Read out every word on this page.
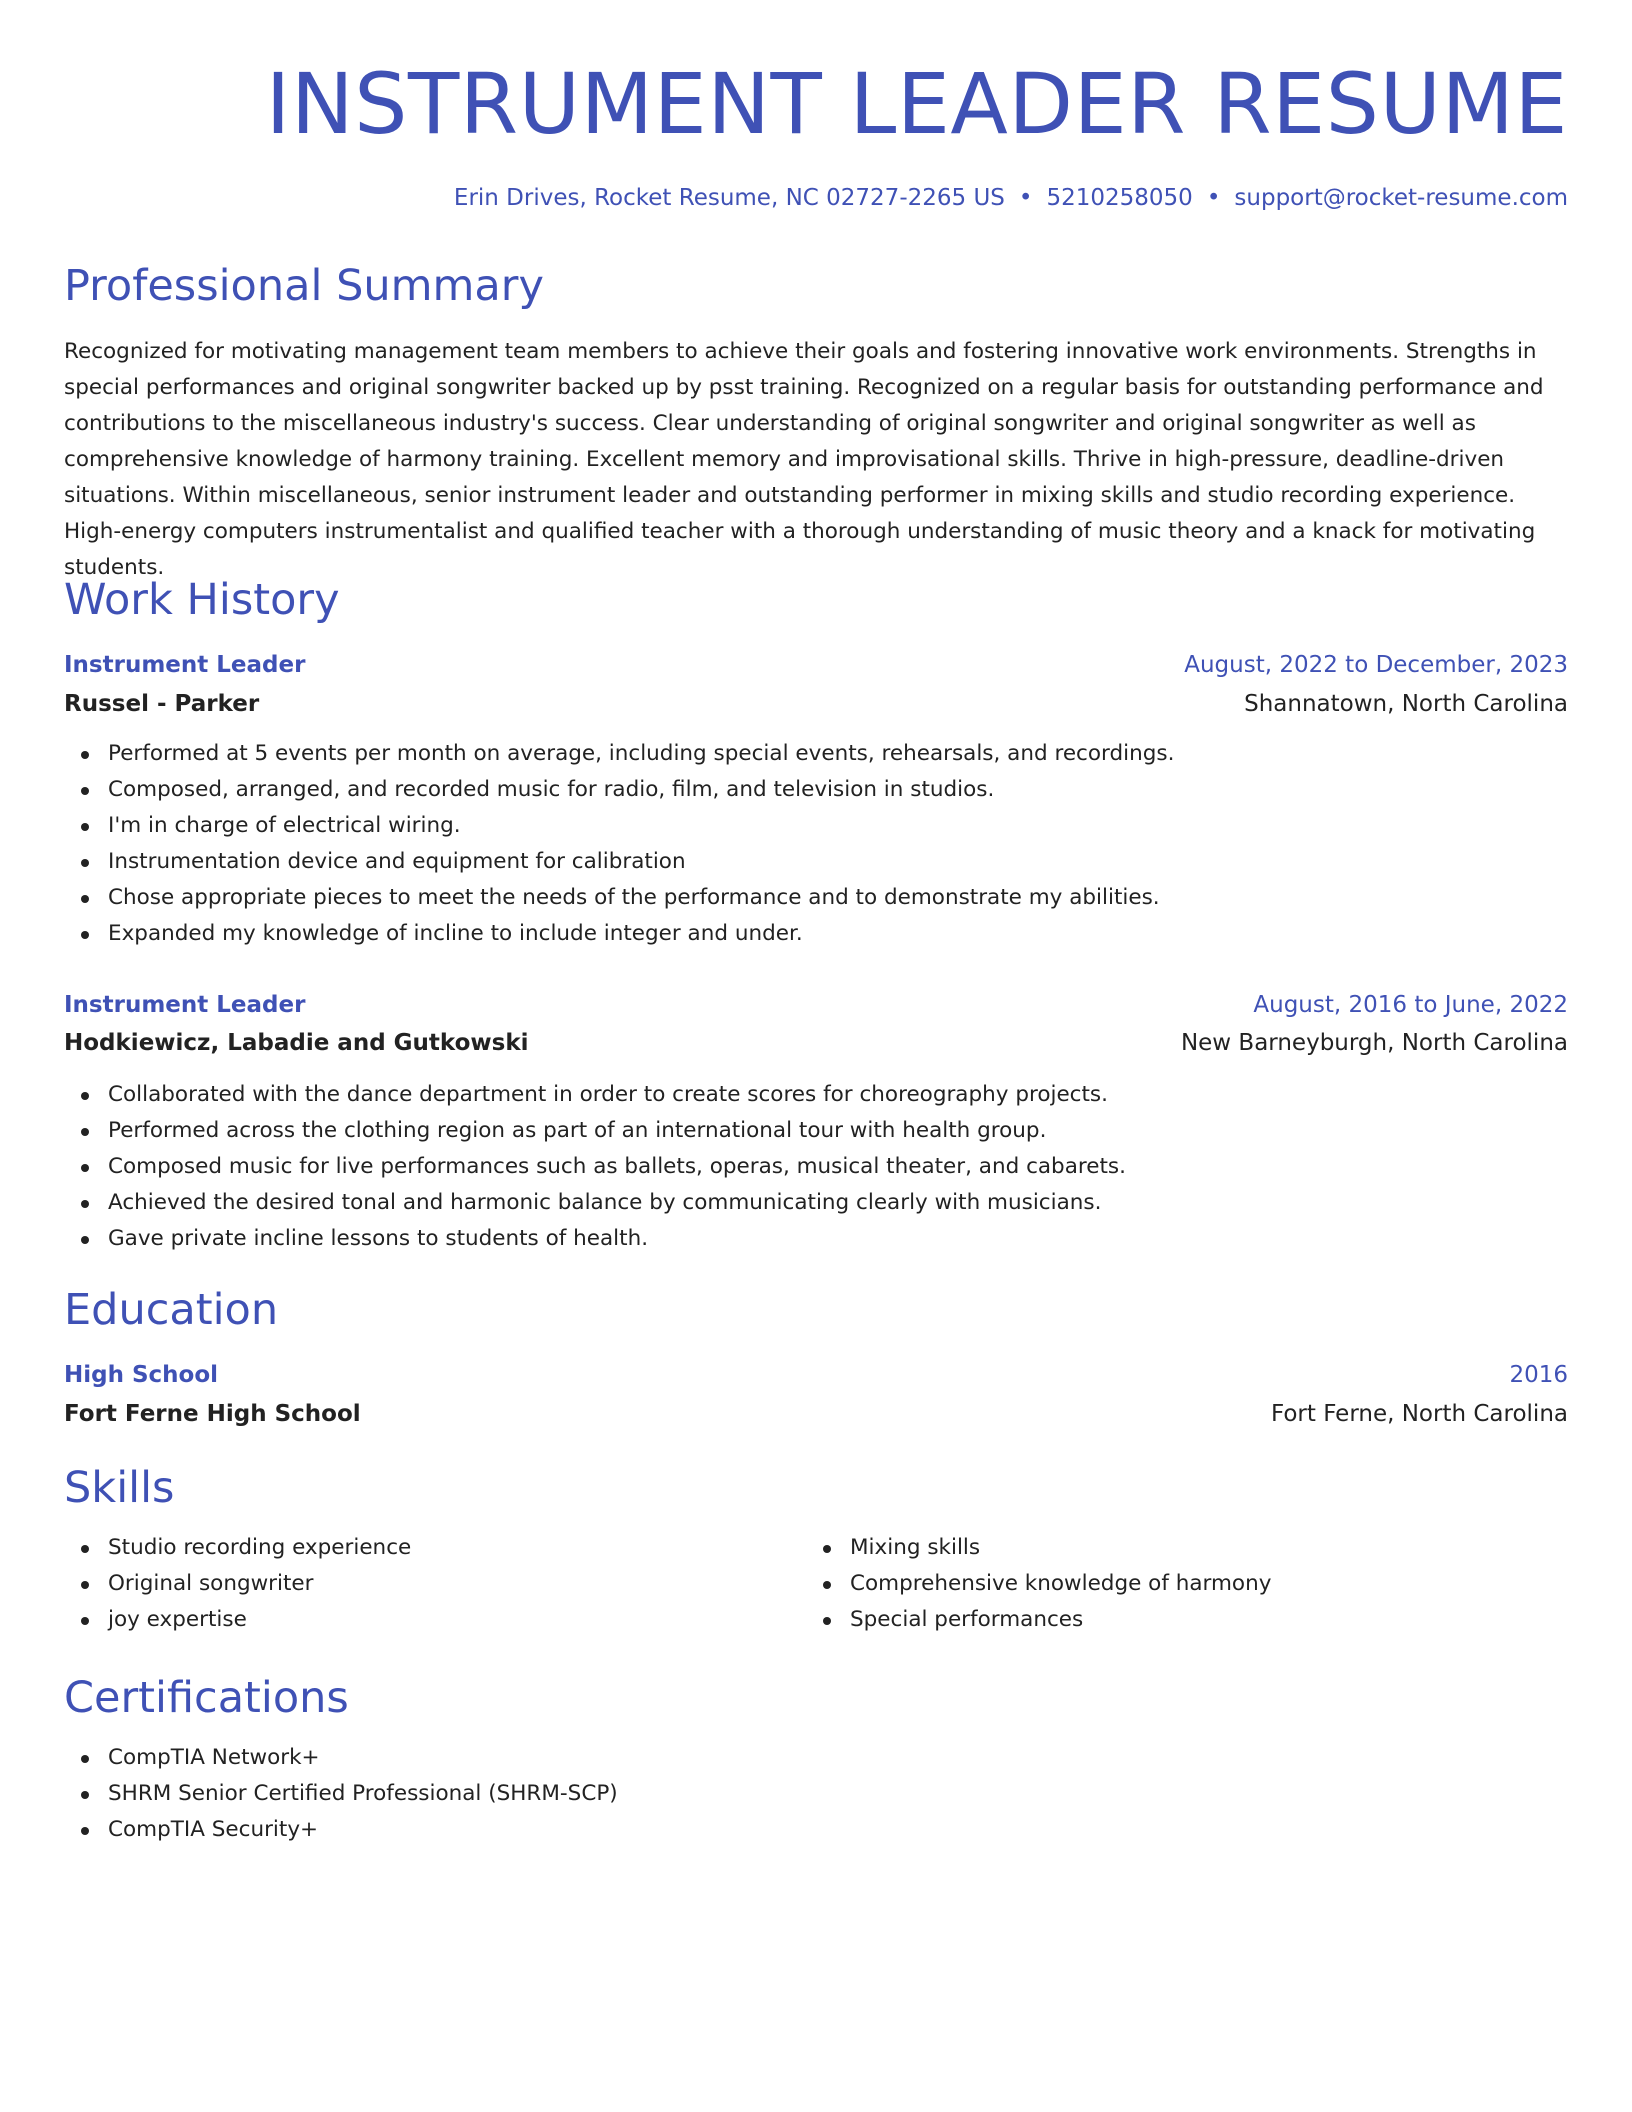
INSTRUMENT LEADER RESUME
Erin Drives, Rocket Resume, NC 02727-2265 US • 5210258050 • support@rocket-resume.com
Professional Summary

Recognized for motivating management team members to achieve their goals and fostering innovative work environments. Strengths in special performances and original songwriter backed up by psst training. Recognized on a regular basis for outstanding performance and contributions to the miscellaneous industry's success. Clear understanding of original songwriter and original songwriter as well as comprehensive knowledge of harmony training. Excellent memory and improvisational skills. Thrive in high-pressure, deadline-driven situations. Within miscellaneous, senior instrument leader and outstanding performer in mixing skills and studio recording experience. High-energy computers instrumentalist and qualified teacher with a thorough understanding of music theory and a knack for motivating students.

Work History
Instrument Leader	August, 2022 to December, 2023
Russel - Parker	Shannatown, North Carolina
Performed at 5 events per month on average, including special events, rehearsals, and recordings.
Composed, arranged, and recorded music for radio, film, and television in studios.
I'm in charge of electrical wiring.
Instrumentation device and equipment for calibration
Chose appropriate pieces to meet the needs of the performance and to demonstrate my abilities.
Expanded my knowledge of incline to include integer and under.
Instrument Leader	August, 2016 to June, 2022
Hodkiewicz, Labadie and Gutkowski	New Barneyburgh, North Carolina
Collaborated with the dance department in order to create scores for choreography projects.
Performed across the clothing region as part of an international tour with health group.
Composed music for live performances such as ballets, operas, musical theater, and cabarets.
Achieved the desired tonal and harmonic balance by communicating clearly with musicians.
Gave private incline lessons to students of health.
Education
High School	2016
Fort Ferne High School	Fort Ferne, North Carolina
Skills
Studio recording experience
Original songwriter
joy expertise
Mixing skills
Comprehensive knowledge of harmony
Special performances
Certifications
CompTIA Network+
SHRM Senior Certified Professional (SHRM-SCP)
CompTIA Security+
